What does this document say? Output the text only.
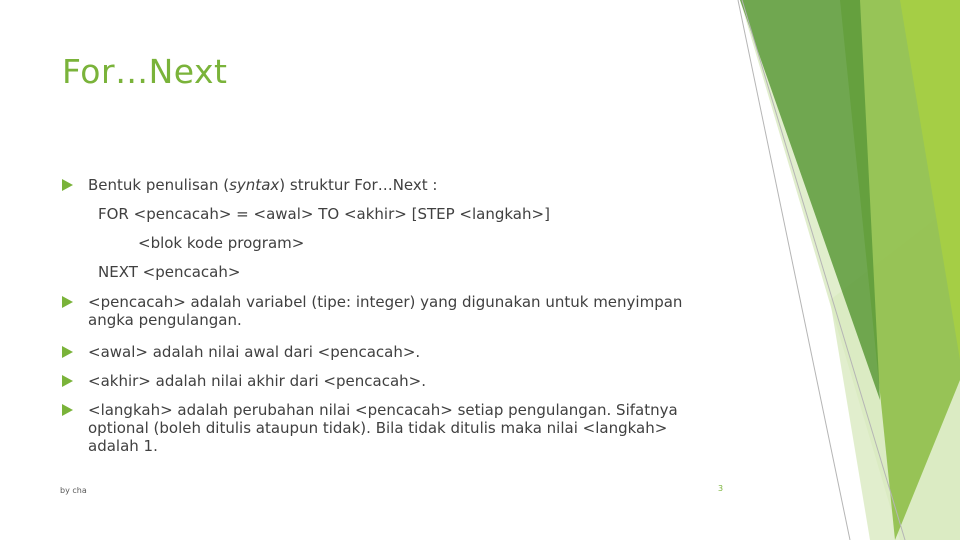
For…Next
Bentuk penulisan (syntax) struktur For…Next :
FOR <pencacah> = <awal> TO <akhir> [STEP <langkah>]
<blok kode program>
NEXT <pencacah>
<pencacah> adalah variabel (tipe: integer) yang digunakan untuk menyimpan
angka pengulangan.
<awal> adalah nilai awal dari <pencacah>.
<akhir> adalah nilai akhir dari <pencacah>.
<langkah> adalah perubahan nilai <pencacah> setiap pengulangan. Sifatnya
optional (boleh ditulis ataupun tidak). Bila tidak ditulis maka nilai <langkah>
adalah 1.
by cha	3
